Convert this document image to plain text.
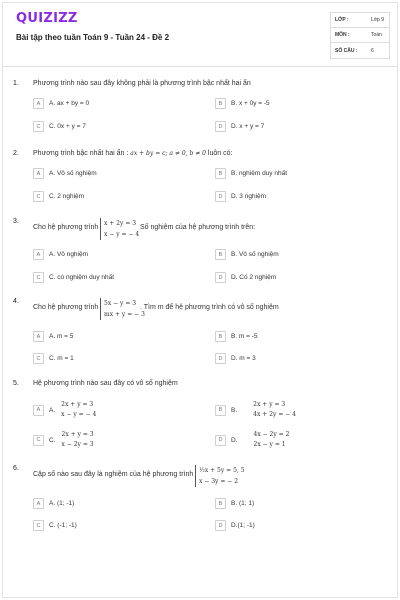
QUIZIZZ
Bài tập theo tuần Toán 9 - Tuần 24 - Đề 2
LỚP :	Lớp 9
MÔN :	Toán
SỐ CÂU :	6
1. Phương trình nào sau đây không phải là phương trình bậc nhất hai ẩn
A	A. ax + by = 0	B	B. x + 0y = -5
C	C. 0x + y = 7	D	D. x + y = 7
2. Phương trình bậc nhất hai ẩn : ax + by = c; a ≠ 0, b ≠ 0 luôn có:
A	A. Vô số nghiệm	B	B. nghiệm duy nhất
C	C. 2 nghiệm	D	D. 3 nghiệm
3.
Cho hệ phương trình
x + 2y = 3
x − y = − 4
Số nghiệm của hệ phương trình trên:
A	A. Vô nghiệm	B	B. Vô số nghiệm
C	C. có nghiệm duy nhất	D	D. Có 2 nghiệm
4.
Cho hệ phương trình
5x − y = 3
mx + y = − 3
. Tìm m để hệ phương trình có vô số nghiệm
A	A. m = 5	B	B. m = -5
C	C. m = 1	D	D. m = 3
5. Hệ phương trình nào sau đây có vô số nghiệm
A	A.
2x + y = 3
x − y = − 4
B	B.
2x + y = 3
4x + 2y = − 4
C	C.
2x + y = 3
x − 2y = 3
D	D.
4x − 2y = 2
2x − y = 1
6.
Cặp số nào sau đây là nghiệm của hệ phương trình
½x + 5y = 5, 5
x − 3y = − 2
A	A. (1; -1)	B	B. (1; 1)
C	C. (-1; -1)	D	D.(1; -1)
